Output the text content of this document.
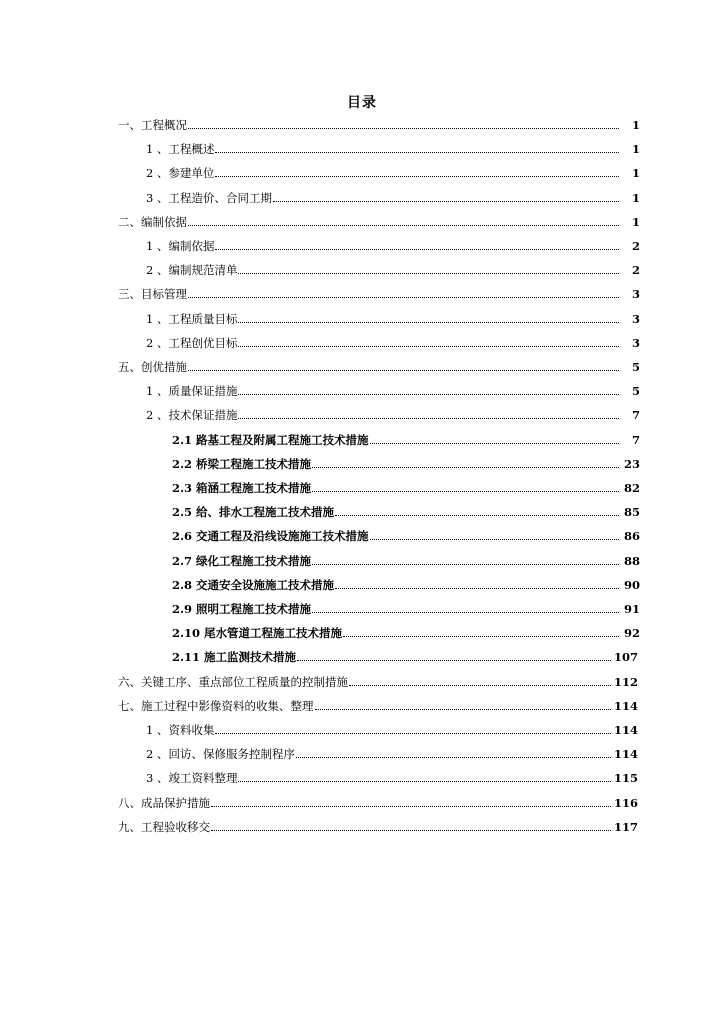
目录
一、工程概况	1
1 、工程概述	1
2 、参建单位	1
3 、工程造价、合同工期	1
二、编制依据	1
1 、编制依据	2
2 、编制规范清单	2
三、目标管理	3
1 、工程质量目标	3
2 、工程创优目标	3
五、创优措施	5
1 、质量保证措施	5
2 、技术保证措施	7
2.1 路基工程及附属工程施工技术措施	7
2.2 桥梁工程施工技术措施	23
2.3 箱涵工程施工技术措施	82
2.5 给、排水工程施工技术措施	85
2.6 交通工程及沿线设施施工技术措施	86
2.7 绿化工程施工技术措施	88
2.8 交通安全设施施工技术措施	90
2.9 照明工程施工技术措施	91
2.10 尾水管道工程施工技术措施	92
2.11 施工监测技术措施	107
六、关键工序、重点部位工程质量的控制措施	112
七、施工过程中影像资料的收集、整理	114
1 、资料收集	114
2 、回访、保修服务控制程序	114
3 、竣工资料整理	115
八、成品保护措施	116
九、工程验收移交	117
